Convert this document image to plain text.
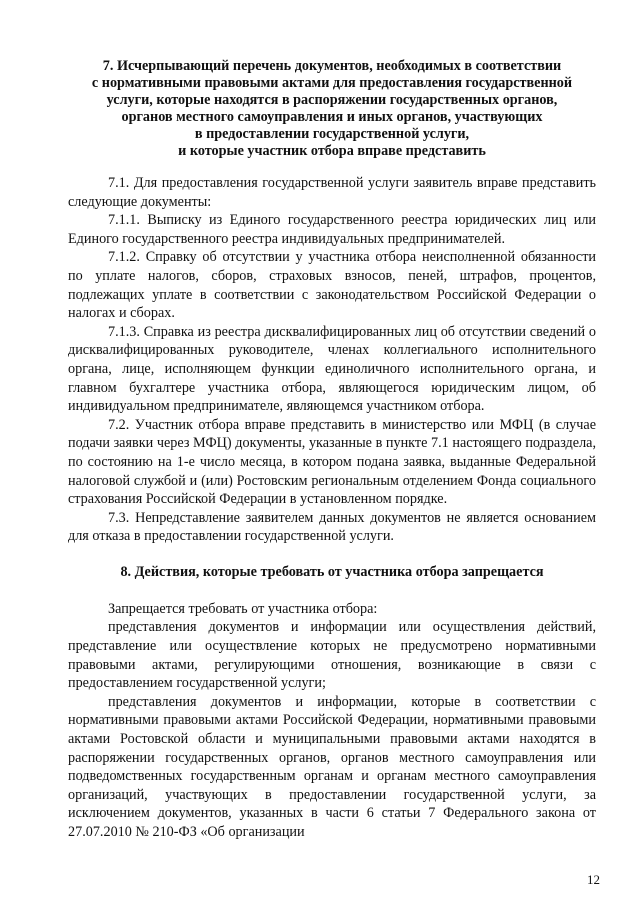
7. Исчерпывающий перечень документов, необходимых в соответствии
с нормативными правовыми актами для предоставления государственной
услуги, которые находятся в распоряжении государственных органов,
органов местного самоуправления и иных органов, участвующих
в предоставлении государственной услуги,
и которые участник отбора вправе представить

7.1. Для предоставления государственной услуги заявитель вправе представить следующие документы:

7.1.1. Выписку из Единого государственного реестра юридических лиц или Единого государственного реестра индивидуальных предпринимателей.

7.1.2. Справку об отсутствии у участника отбора неисполненной обязанности по уплате налогов, сборов, страховых взносов, пеней, штрафов, процентов, подлежащих уплате в соответствии с законодательством Российской Федерации о налогах и сборах.

7.1.3. Справка из реестра дисквалифицированных лиц об отсутствии сведений о дисквалифицированных руководителе, членах коллегиального исполнительного органа, лице, исполняющем функции единоличного исполнительного органа, и главном бухгалтере участника отбора, являющегося юридическим лицом, об индивидуальном предпринимателе, являющемся участником отбора.

7.2. Участник отбора вправе представить в министерство или МФЦ (в случае подачи заявки через МФЦ) документы, указанные в пункте 7.1 настоящего подраздела, по состоянию на 1-е число месяца, в котором подана заявка, выданные Федеральной налоговой службой и (или) Ростовским региональным отделением Фонда социального страхования Российской Федерации в установленном порядке.

7.3. Непредставление заявителем данных документов не является основанием для отказа в предоставлении государственной услуги.

8. Действия, которые требовать от участника отбора запрещается

Запрещается требовать от участника отбора:

представления документов и информации или осуществления действий, представление или осуществление которых не предусмотрено нормативными правовыми актами, регулирующими отношения, возникающие в связи с предоставлением государственной услуги;

представления документов и информации, которые в соответствии с нормативными правовыми актами Российской Федерации, нормативными правовыми актами Ростовской области и муниципальными правовыми актами находятся в распоряжении государственных органов, органов местного самоуправления или подведомственных государственным органам и органам местного самоуправления организаций, участвующих в предоставлении государственной услуги, за исключением документов, указанных в части 6 статьи 7 Федерального закона от 27.07.2010 № 210-ФЗ «Об организации

12
